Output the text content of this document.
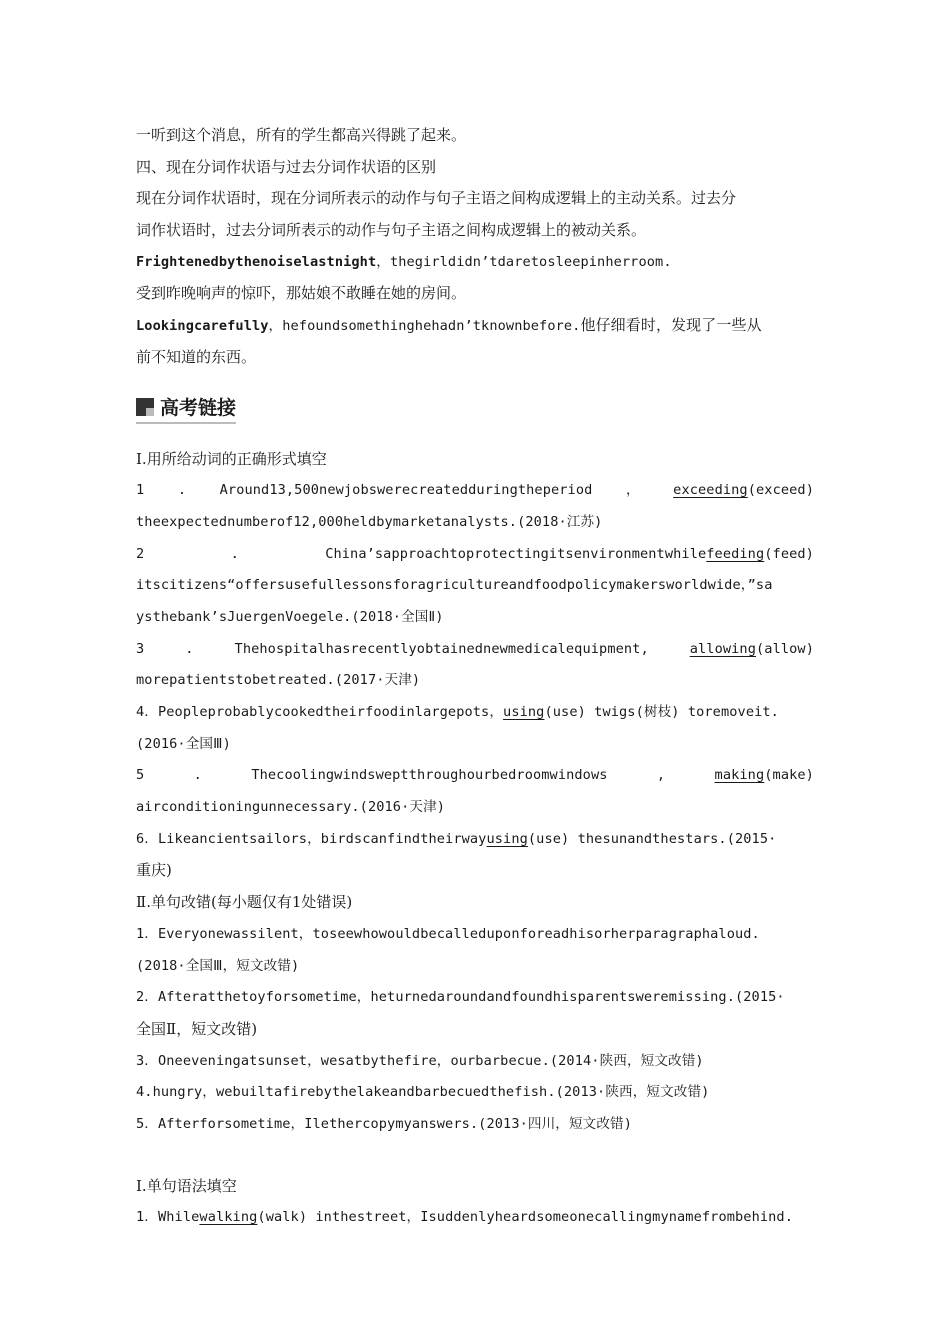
一听到这个消息，所有的学生都高兴得跳了起来。
四、现在分词作状语与过去分词作状语的区别
现在分词作状语时，现在分词所表示的动作与句子主语之间构成逻辑上的主动关系。过去分
词作状语时，过去分词所表示的动作与句子主语之间构成逻辑上的被动关系。
Frightenedbythenoiselastnight，thegirldidn’tdaretosleepinherroom.
受到昨晚响声的惊吓，那姑娘不敢睡在她的房间。
Lookingcarefully，hefoundsomethinghehadn’tknownbefore.他仔细看时，发现了一些从
前不知道的东西。
高考链接
Ⅰ.用所给动词的正确形式填空
1 . Around13,500newjobswerecreatedduringtheperiod ， exceeding(exceed)
theexpectednumberof12,000heldbymarketanalysts.(2018·江苏)
2	.	China’sapproachtoprotectingitsenvironmentwhilefeeding(feed)
itscitizens“offersusefullessonsforagricultureandfoodpolicymakersworldwide，”sa
ysthebank’sJuergenVoegele.(2018·全国Ⅱ)
3	.	Thehospitalhasrecentlyobtainednewmedicalequipment,	allowing(allow)
morepatientstobetreated.(2017·天津)
4．Peopleprobablycookedtheirfoodinlargepots，using(use) twigs(树枝) toremoveit.
(2016·全国Ⅲ)
5	.	Thecoolingwindsweptthroughourbedroomwindows	,	making(make)
airconditioningunnecessary.(2016·天津)
6．Likeancientsailors，birdscanfindtheirwayusing(use) thesunandthestars.(2015·
重庆)
Ⅱ.单句改错(每小题仅有1处错误)
1．Everyonewassilent，toseewhowouldbecalleduponforeadhisorherparagraphaloud.
(2018·全国Ⅲ，短文改错)
2．Afteratthetoyforsometime，heturnedaroundandfoundhisparentsweremissing.(2015·
全国Ⅱ，短文改错)
3．Oneeveningatsunset，wesatbythefire，ourbarbecue.(2014·陕西，短文改错)
4.hungry，webuiltafirebythelakeandbarbecuedthefish.(2013·陕西，短文改错)
5．Afterforsometime，Ilethercopymyanswers.(2013·四川，短文改错)
Ⅰ.单句语法填空
1．Whilewalking(walk) inthestreet，Isuddenlyheardsomeonecallingmynamefrombehind.
